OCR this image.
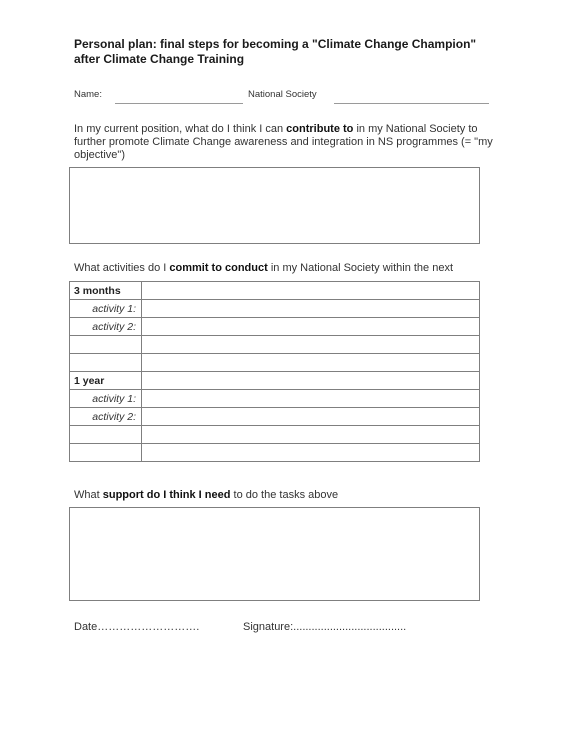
Personal plan: final steps for becoming a "Climate Change Champion"
after Climate Change Training
Name:	National Society
In my current position, what do I think I can contribute to in my National Society to further promote Climate Change awareness and integration in NS programmes (= "my objective")
What activities do I commit to conduct in my National Society within the next
3 months	
activity 1:	
activity 2:	

1 year	
activity 1:	
activity 2:	

What support do I think I need to do the tasks above
Date……………………….	Signature:.....................................
